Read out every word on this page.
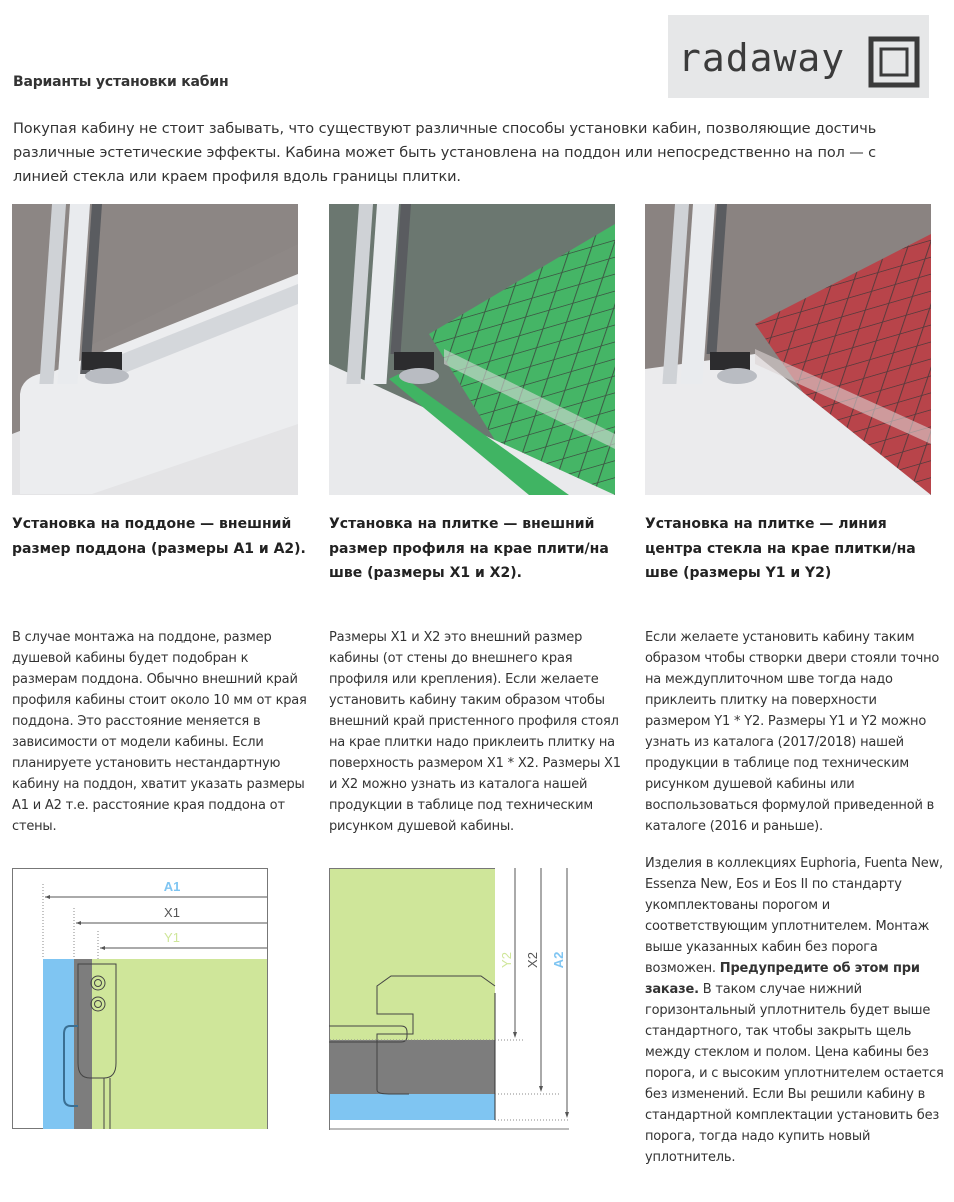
radaway
Варианты установки кабин
Покупая кабину не стоит забывать, что существуют различные способы установки кабин, позволяющие достичь различные эстетические эффекты. Кабина может быть установлена на поддон или непосредственно на пол — с линией стекла или краем профиля вдоль границы плитки.
Установка на поддоне — внешний размер поддона (размеры A1 и A2).
Установка на плитке — внешний размер профиля на крае плити/на шве (размеры X1 и X2).
Установка на плитке — линия центра стекла на крае плитки/на шве (размеры Y1 и Y2)
В случае монтажа на поддоне, размер душевой кабины будет подобран к размерам поддона. Обычно внешний край профиля кабины стоит около 10 мм от края поддона. Это расстояние меняется в зависимости от модели кабины. Если планируете установить нестандартную кабину на поддон, хватит указать размеры A1 и A2 т.е. расстояние края поддона от стены.
Размеры X1 и X2 это внешний размер кабины (от стены до внешнего края профиля или крепления). Если желаете установить кабину таким образом чтобы внешний край пристенного профиля стоял на крае плитки надо приклеить плитку на поверхность размером X1 * X2. Размеры X1 и X2 можно узнать из каталога нашей продукции в таблице под техническим рисунком душевой кабины.
Если желаете установить кабину таким образом чтобы створки двери стояли точно на междуплиточном шве тогда надо приклеить плитку на поверхности размером Y1 * Y2. Размеры Y1 и Y2 можно узнать из каталога (2017/2018) нашей продукции в таблице под техническим рисунком душевой кабины или воспользоваться формулой приведенной в каталоге (2016 и раньше).
Изделия в коллекциях Euphoria, Fuenta New, Essenza New, Eos и Eos II по стандарту укомплектованы порогом и соответствующим уплотнителем. Монтаж выше указанных кабин без порога возможен. Предупредите об этом при заказе. В таком случае нижний горизонтальный уплотнитель будет выше стандартного, так чтобы закрыть щель между стеклом и полом. Цена кабины без порога, и с высоким уплотнителем остается без изменений. Если Вы решили кабину в стандартной комплектации установить без порога, тогда надо купить новый уплотнитель.
A1
X1
Y1
Y2 X2 A2
